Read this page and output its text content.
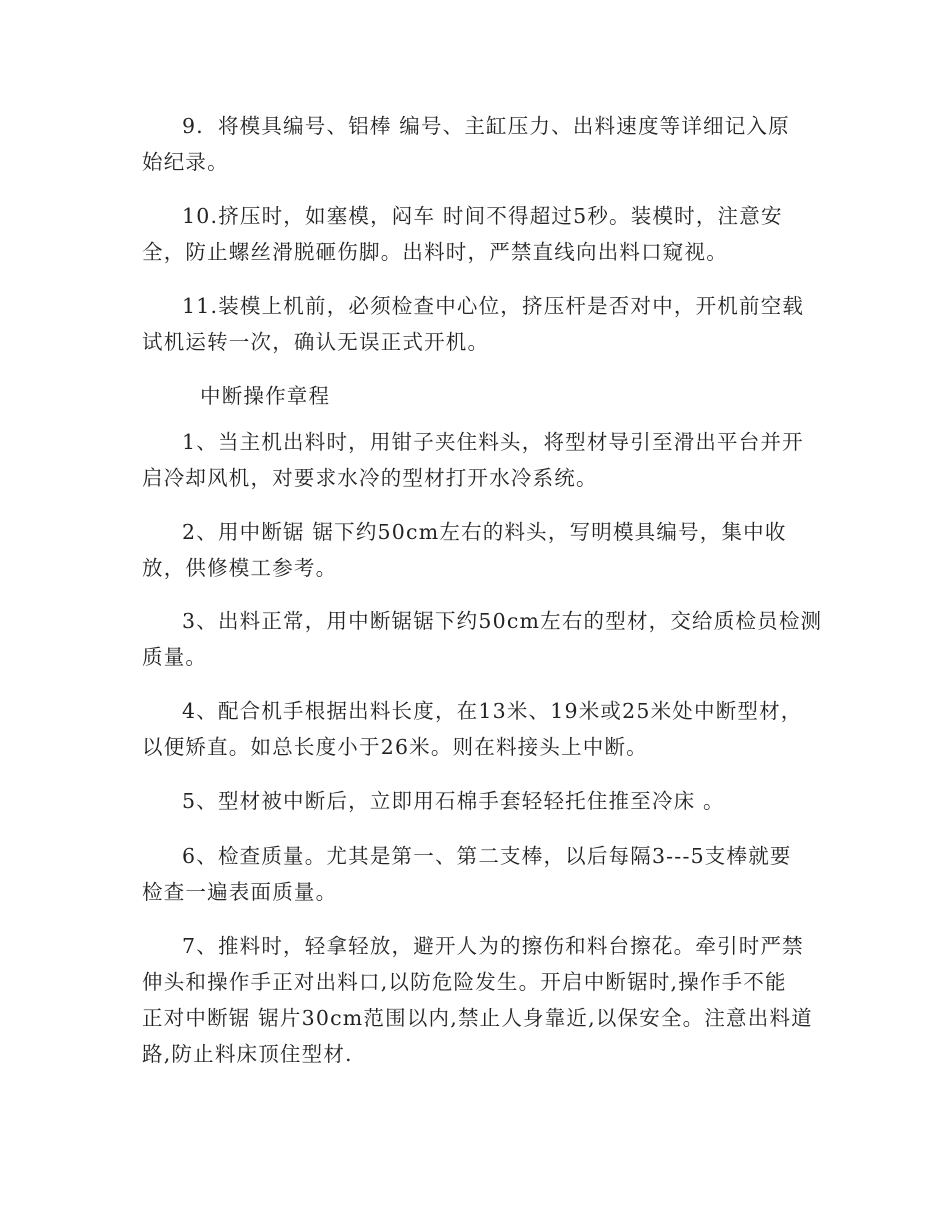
9．将模具编号、铝棒 编号、主缸压力、出料速度等详细记入原
始纪录。
10.挤压时，如塞模，闷车 时间不得超过5秒。装模时，注意安
全，防止螺丝滑脱砸伤脚。出料时，严禁直线向出料口窥视。
11.装模上机前，必须检查中心位，挤压杆是否对中，开机前空载
试机运转一次，确认无误正式开机。
中断操作章程
1、当主机出料时，用钳子夹住料头，将型材导引至滑出平台并开
启冷却风机，对要求水冷的型材打开水冷系统。
2、用中断锯 锯下约50cm左右的料头，写明模具编号，集中收
放，供修模工参考。
3、出料正常，用中断锯锯下约50cm左右的型材，交给质检员检测
质量。
4、配合机手根据出料长度，在13米、19米或25米处中断型材，
以便矫直。如总长度小于26米。则在料接头上中断。
5、型材被中断后，立即用石棉手套轻轻托住推至冷床 。
6、检查质量。尤其是第一、第二支棒，以后每隔3---5支棒就要
检查一遍表面质量。
7、推料时，轻拿轻放，避开人为的擦伤和料台擦花。牵引时严禁
伸头和操作手正对出料口,以防危险发生。开启中断锯时,操作手不能
正对中断锯 锯片30cm范围以内,禁止人身靠近,以保安全。注意出料道
路,防止料床顶住型材.
